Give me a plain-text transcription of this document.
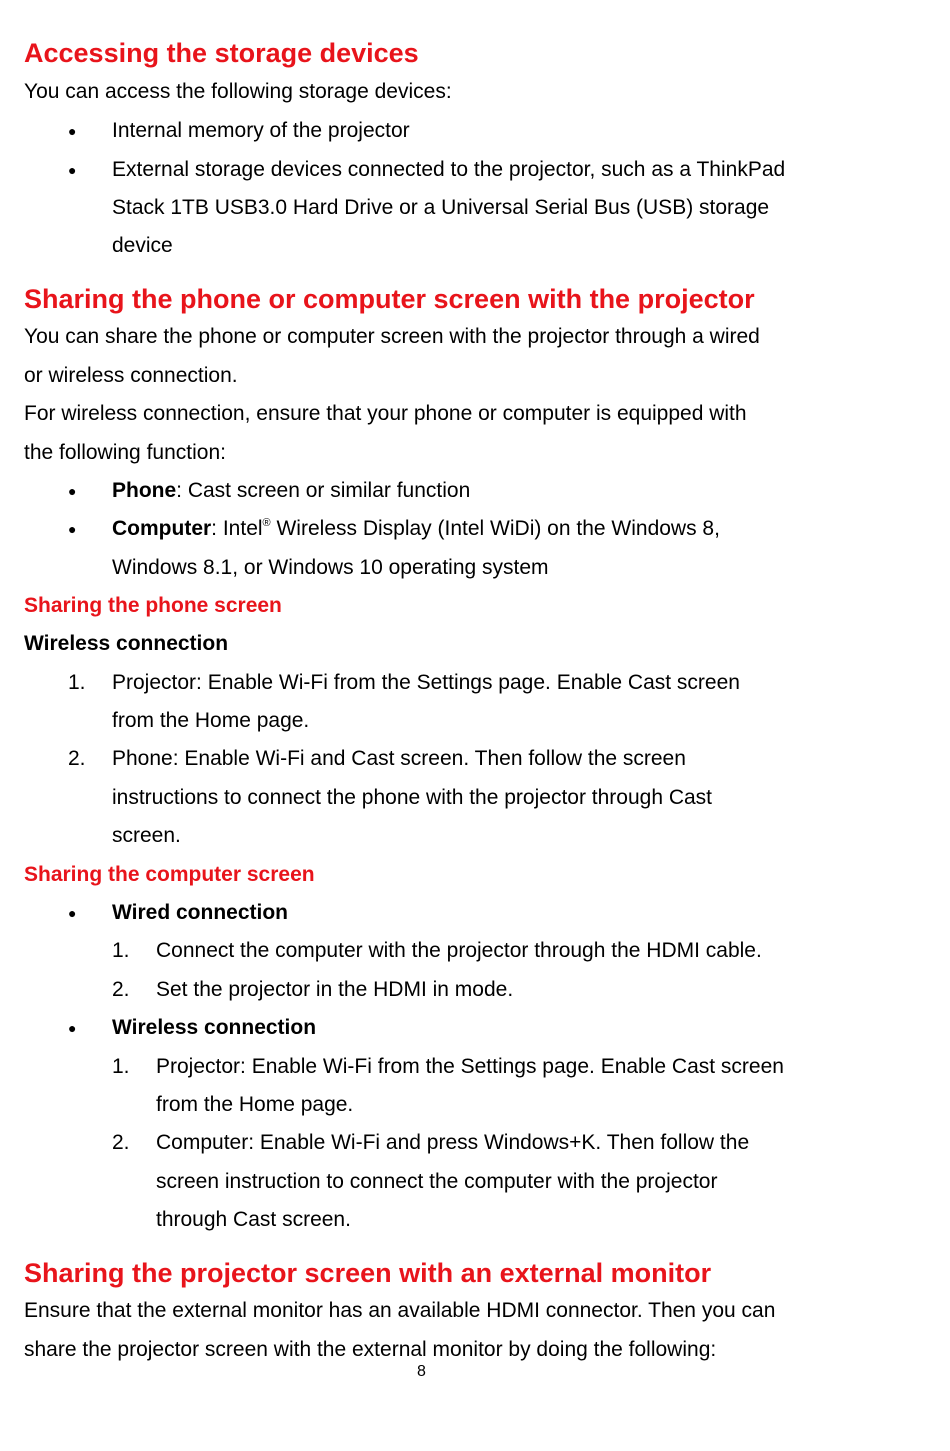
Accessing the storage devices
You can access the following storage devices:
● Internal memory of the projector
● External storage devices connected to the projector, such as a ThinkPad
Stack 1TB USB3.0 Hard Drive or a Universal Serial Bus (USB) storage
device
Sharing the phone or computer screen with the projector
You can share the phone or computer screen with the projector through a wired
or wireless connection.
For wireless connection, ensure that your phone or computer is equipped with
the following function:
● Phone: Cast screen or similar function
● Computer: Intel® Wireless Display (Intel WiDi) on the Windows 8,
Windows 8.1, or Windows 10 operating system
Sharing the phone screen
Wireless connection
1. Projector: Enable Wi-Fi from the Settings page. Enable Cast screen
from the Home page.
2. Phone: Enable Wi-Fi and Cast screen. Then follow the screen
instructions to connect the phone with the projector through Cast
screen.
Sharing the computer screen
● Wired connection
1. Connect the computer with the projector through the HDMI cable.
2. Set the projector in the HDMI in mode.
● Wireless connection
1. Projector: Enable Wi-Fi from the Settings page. Enable Cast screen
from the Home page.
2. Computer: Enable Wi-Fi and press Windows+K. Then follow the
screen instruction to connect the computer with the projector
through Cast screen.
Sharing the projector screen with an external monitor
Ensure that the external monitor has an available HDMI connector. Then you can
share the projector screen with the external monitor by doing the following:
8
